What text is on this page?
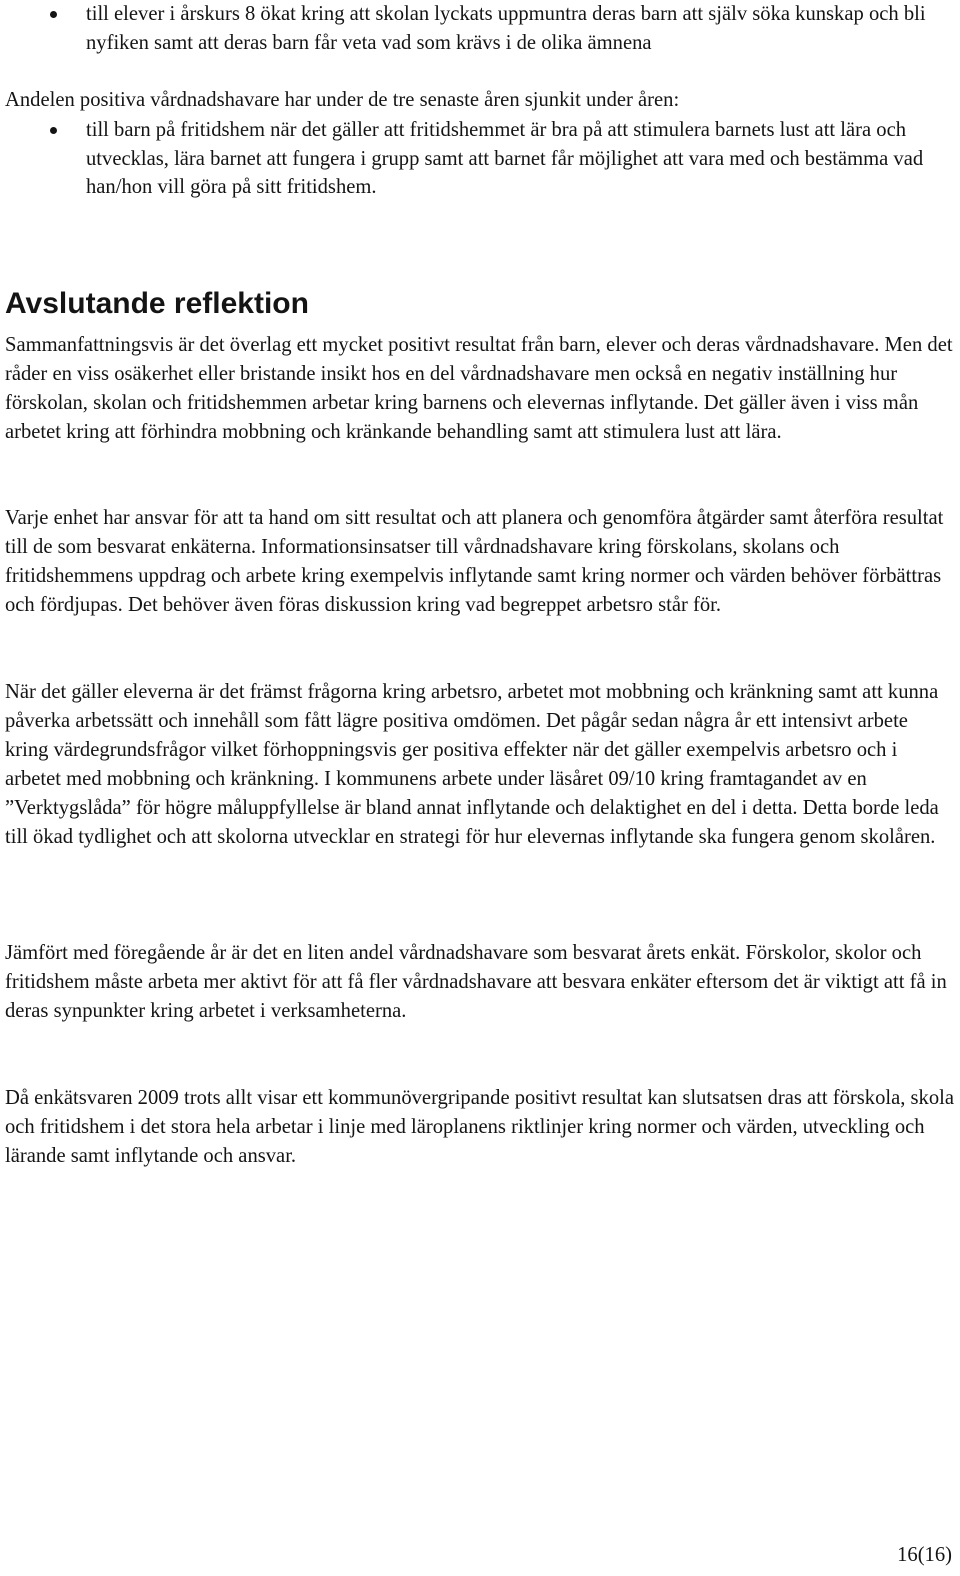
till elever i årskurs 8 ökat kring att skolan lyckats uppmuntra deras barn att själv söka kunskap och bli nyfiken samt att deras barn får veta vad som krävs i de olika ämnena

Andelen positiva vårdnadshavare har under de tre senaste åren sjunkit under åren:

till barn på fritidshem när det gäller att fritidshemmet är bra på att stimulera barnets lust att lära och utvecklas, lära barnet att fungera i grupp samt att barnet får möjlighet att vara med och bestämma vad han/hon vill göra på sitt fritidshem.
Avslutande reflektion

Sammanfattningsvis är det överlag ett mycket positivt resultat från barn, elever och deras vårdnadshavare. Men det råder en viss osäkerhet eller bristande insikt hos en del vårdnadshavare men också en negativ inställning hur förskolan, skolan och fritidshemmen arbetar kring barnens och elevernas inflytande. Det gäller även i viss mån arbetet kring att förhindra mobbning och kränkande behandling samt att stimulera lust att lära.

Varje enhet har ansvar för att ta hand om sitt resultat och att planera och genomföra åtgärder samt återföra resultat till de som besvarat enkäterna. Informationsinsatser till vårdnadshavare kring förskolans, skolans och fritidshemmens uppdrag och arbete kring exempelvis inflytande samt kring normer och värden behöver förbättras och fördjupas. Det behöver även föras diskussion kring vad begreppet arbetsro står för.

När det gäller eleverna är det främst frågorna kring arbetsro, arbetet mot mobbning och kränkning samt att kunna påverka arbetssätt och innehåll som fått lägre positiva omdömen. Det pågår sedan några år ett intensivt arbete kring värdegrundsfrågor vilket förhoppningsvis ger positiva effekter när det gäller exempelvis arbetsro och i arbetet med mobbning och kränkning. I kommunens arbete under läsåret 09/10 kring framtagandet av en ”Verktygslåda” för högre måluppfyllelse är bland annat inflytande och delaktighet en del i detta. Detta borde leda till ökad tydlighet och att skolorna utvecklar en strategi för hur elevernas inflytande ska fungera genom skolåren.

Jämfört med föregående år är det en liten andel vårdnadshavare som besvarat årets enkät. Förskolor, skolor och fritidshem måste arbeta mer aktivt för att få fler vårdnadshavare att besvara enkäter eftersom det är viktigt att få in deras synpunkter kring arbetet i verksamheterna.

Då enkätsvaren 2009 trots allt visar ett kommunövergripande positivt resultat kan slutsatsen dras att förskola, skola och fritidshem i det stora hela arbetar i linje med läroplanens riktlinjer kring normer och värden, utveckling och lärande samt inflytande och ansvar.

16(16)
